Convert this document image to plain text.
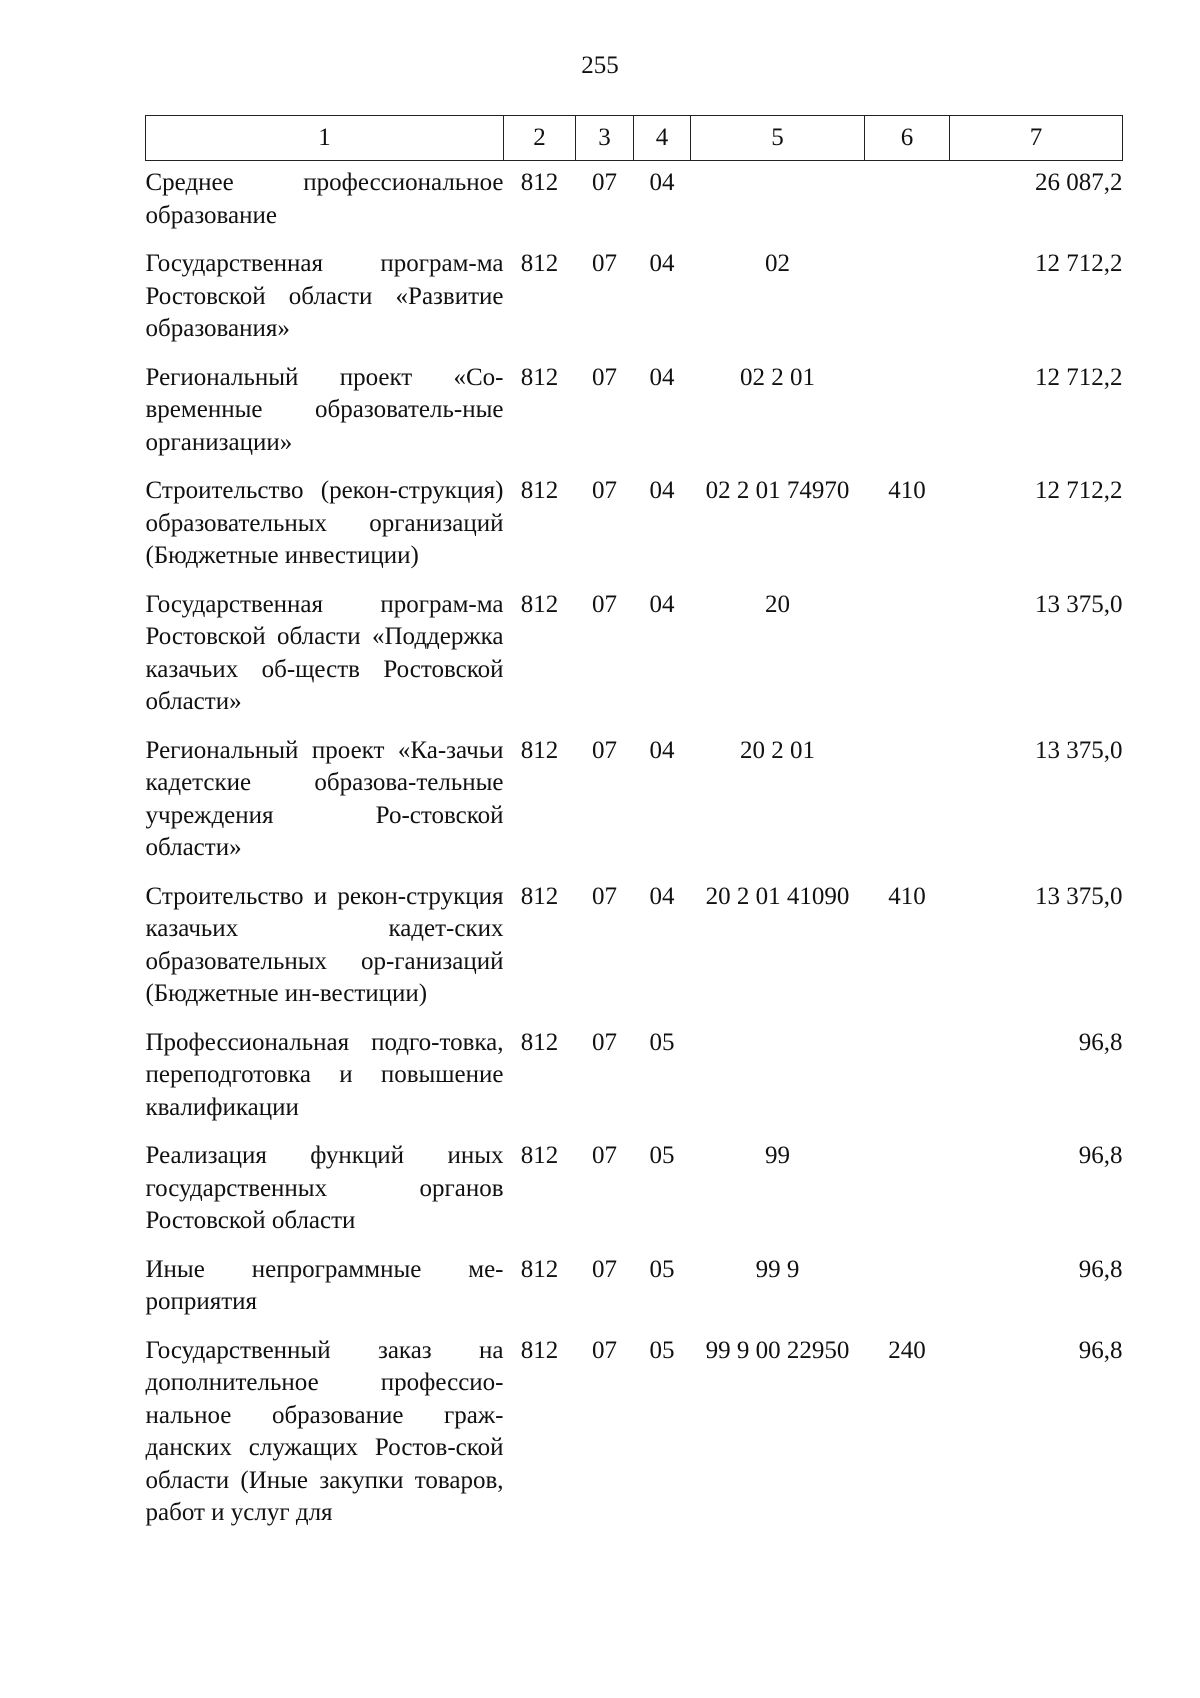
255
1	2	3	4	5	6	7
Среднее профессиональное образование	812	07	04			26 087,2
Государственная програм-ма Ростовской области «Развитие образования»	812	07	04	02		12 712,2
Региональный проект «Со-временные образователь-ные организации»	812	07	04	02 2 01		12 712,2
Строительство (рекон-струкция) образовательных организаций (Бюджетные инвестиции)	812	07	04	02 2 01 74970	410	12 712,2
Государственная програм-ма Ростовской области «Поддержка казачьих об-ществ Ростовской области»	812	07	04	20		13 375,0
Региональный проект «Ка-зачьи кадетские образова-тельные учреждения Ро-стовской области»	812	07	04	20 2 01		13 375,0
Строительство и рекон-струкция казачьих кадет-ских образовательных ор-ганизаций (Бюджетные ин-вестиции)	812	07	04	20 2 01 41090	410	13 375,0
Профессиональная подго-товка, переподготовка и повышение квалификации	812	07	05			96,8
Реализация функций иных государственных органов Ростовской области	812	07	05	99		96,8
Иные непрограммные ме-роприятия	812	07	05	99 9		96,8
Государственный заказ на дополнительное профессио-нальное образование граж-данских служащих Ростов-ской области (Иные закупки товаров, работ и услуг для	812	07	05	99 9 00 22950	240	96,8
